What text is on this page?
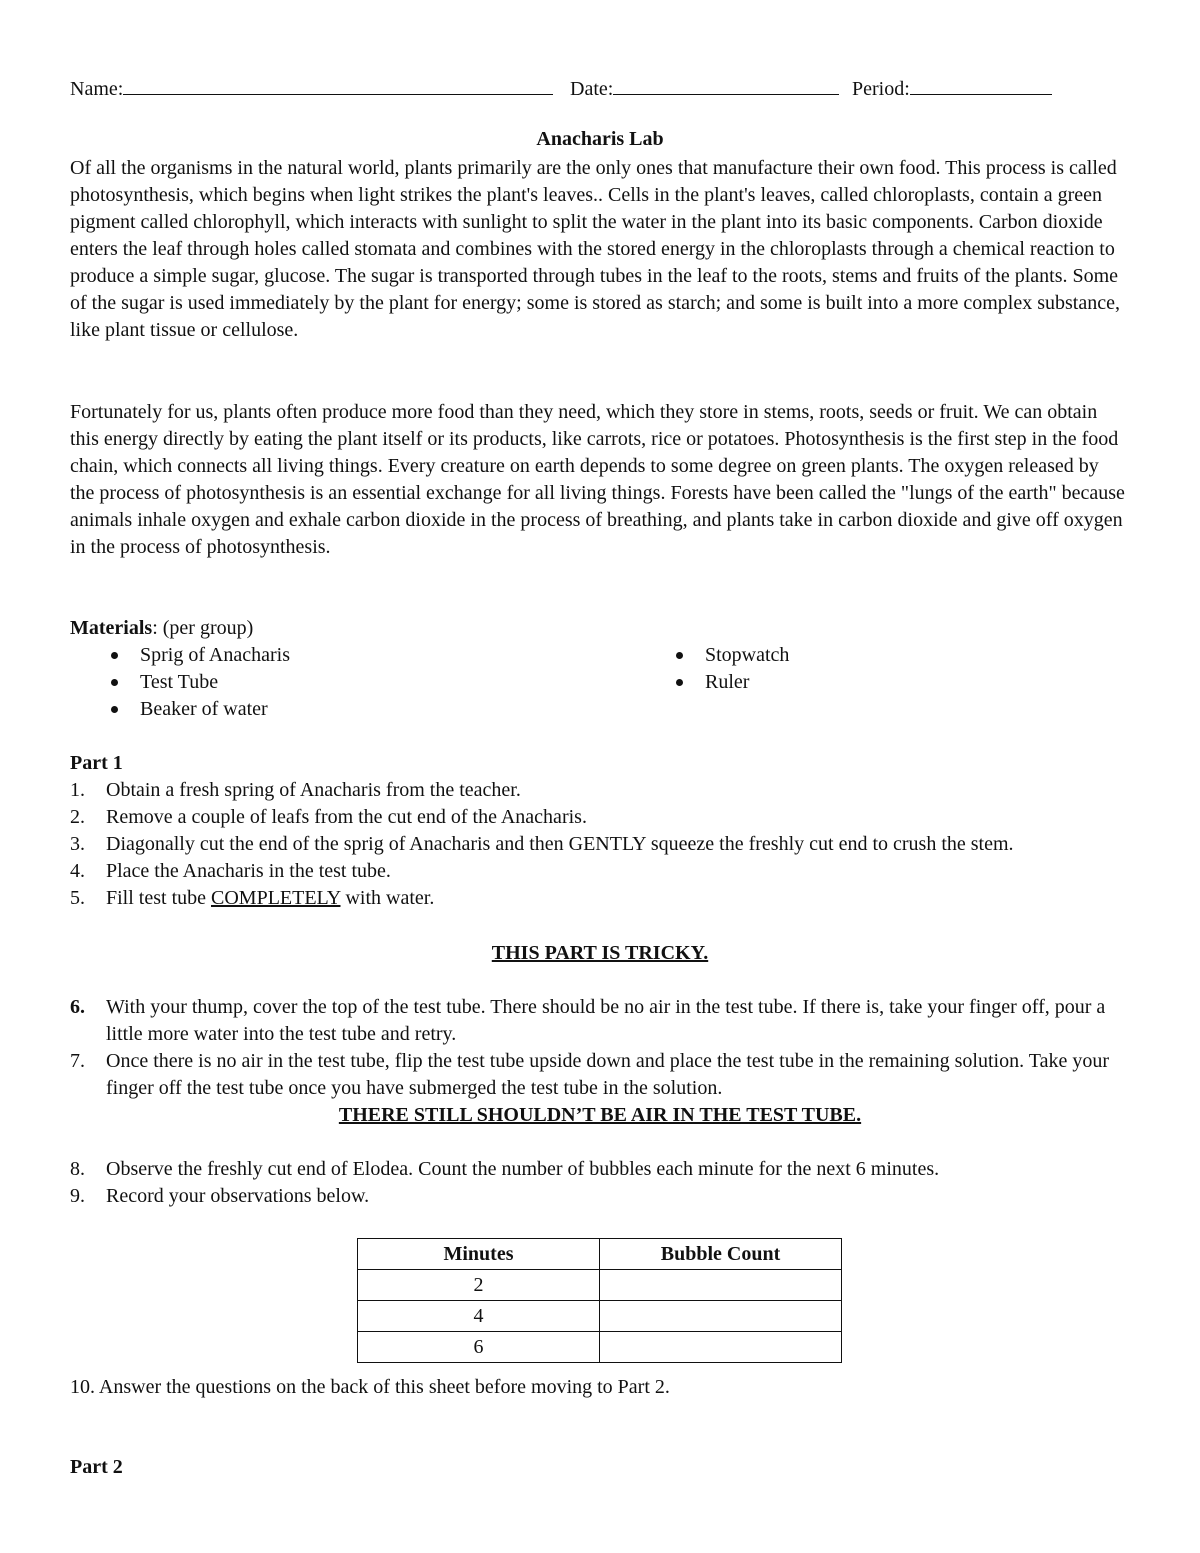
Name:	Date:	Period:
Anacharis Lab
Of all the organisms in the natural world, plants primarily are the only ones that manufacture their own food. This process is called photosynthesis, which begins when light strikes the plant's leaves.. Cells in the plant's leaves, called chloroplasts, contain a green pigment called chlorophyll, which interacts with sunlight to split the water in the plant into its basic components. Carbon dioxide enters the leaf through holes called stomata and combines with the stored energy in the chloroplasts through a chemical reaction to produce a simple sugar, glucose. The sugar is transported through tubes in the leaf to the roots, stems and fruits of the plants. Some of the sugar is used immediately by the plant for energy; some is stored as starch; and some is built into a more complex substance, like plant tissue or cellulose.
Fortunately for us, plants often produce more food than they need, which they store in stems, roots, seeds or fruit. We can obtain this energy directly by eating the plant itself or its products, like carrots, rice or potatoes. Photosynthesis is the first step in the food chain, which connects all living things. Every creature on earth depends to some degree on green plants. The oxygen released by the process of photosynthesis is an essential exchange for all living things. Forests have been called the "lungs of the earth" because animals inhale oxygen and exhale carbon dioxide in the process of breathing, and plants take in carbon dioxide and give off oxygen in the process of photosynthesis.
Materials: (per group)
Sprig of Anacharis
Test Tube
Beaker of water
Stopwatch
Ruler
Part 1
1. Obtain a fresh spring of Anacharis from the teacher.
2. Remove a couple of leafs from the cut end of the Anacharis.
3. Diagonally cut the end of the sprig of Anacharis and then GENTLY squeeze the freshly cut end to crush the stem.
4. Place the Anacharis in the test tube.
5. Fill test tube COMPLETELY with water.
THIS PART IS TRICKY.
6. With your thump, cover the top of the test tube. There should be no air in the test tube. If there is, take your finger off, pour a little more water into the test tube and retry.
7. Once there is no air in the test tube, flip the test tube upside down and place the test tube in the remaining solution. Take your finger off the test tube once you have submerged the test tube in the solution.
THERE STILL SHOULDN’T BE AIR IN THE TEST TUBE.
8. Observe the freshly cut end of Elodea. Count the number of bubbles each minute for the next 6 minutes.
9. Record your observations below.
Minutes	Bubble Count
2	
4	
6	
10. Answer the questions on the back of this sheet before moving to Part 2.
Part 2
